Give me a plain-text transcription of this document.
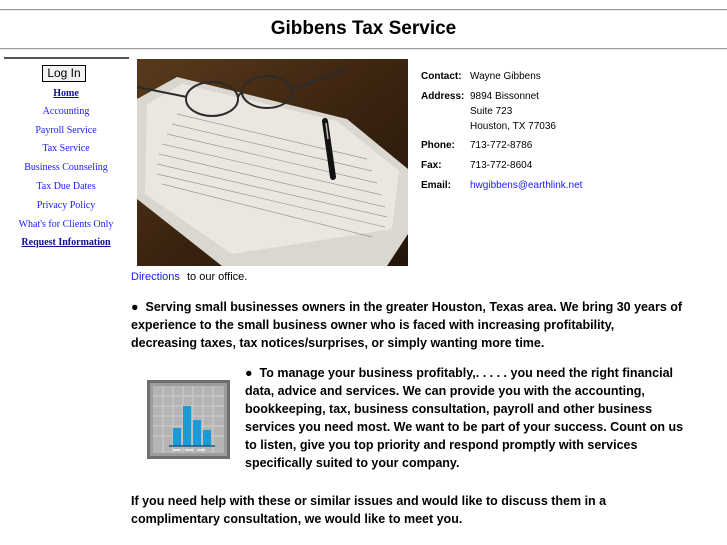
Gibbens Tax Service
Log In
Home
Accounting
Payroll Service
Tax Service
Business Counseling
Tax Due Dates
Privacy Policy
What's for Clients Only
Request Information
Contact: Wayne Gibbens
Address: 9894 Bissonnet
Suite 723
Houston, TX 77036
Phone: 713-772-8786
Fax:	713-772-8604
Email: hwgibbens@earthlink.net
Directions to our office.
● Serving small businesses owners in the greater Houston, Texas area. We bring 30 years of
experience to the small business owner who is faced with increasing profitability,
decreasing taxes, tax notices/surprises, or simply wanting more time.
● To manage your business profitably,. . . . . you need the right financial
data, advice and services. We can provide you with the accounting,
bookkeeping, tax, business consultation, payroll and other business
services you need most. We want to be part of your success. Count on us
to listen, give you top priority and respond promptly with services
specifically suited to your company.
If you need help with these or similar issues and would like to discuss them in a
complimentary consultation, we would like to meet you.
